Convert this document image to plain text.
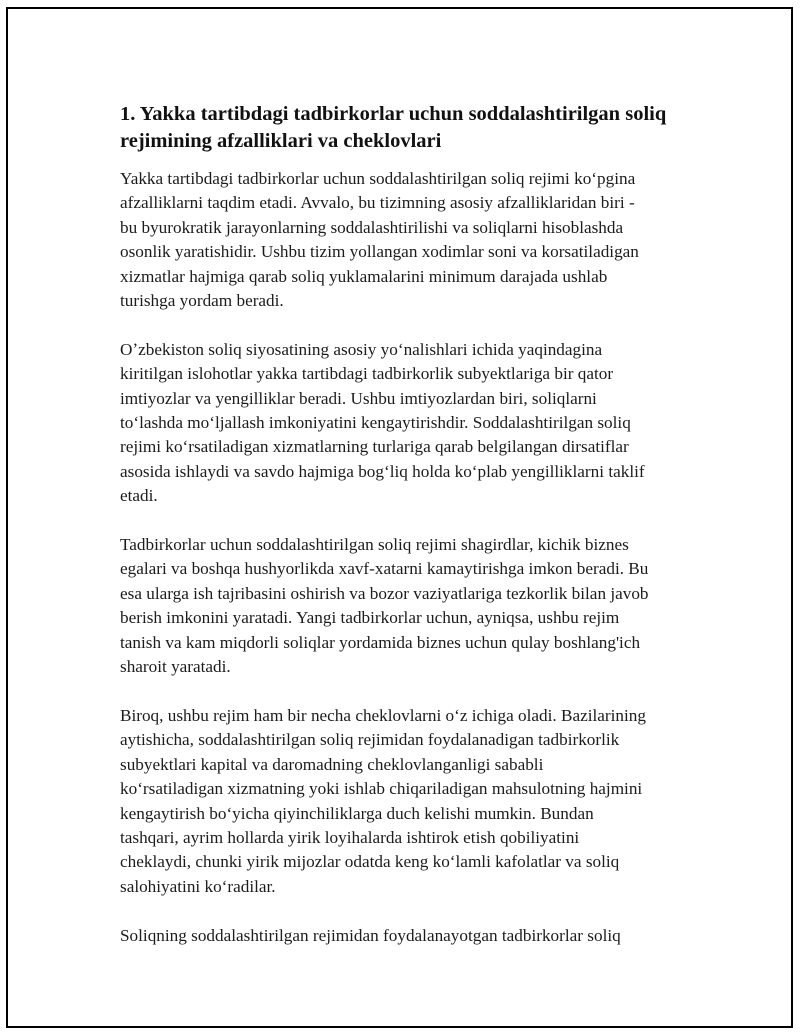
1. Yakka tartibdagi tadbirkorlar uchun soddalashtirilgan soliq
rejimining afzalliklari va cheklovlari

Yakka tartibdagi tadbirkorlar uchun soddalashtirilgan soliq rejimi koʻpgina
afzalliklarni taqdim etadi. Avvalo, bu tizimning asosiy afzalliklaridan biri -
bu byurokratik jarayonlarning soddalashtirilishi va soliqlarni hisoblashda
osonlik yaratishidir. Ushbu tizim yollangan xodimlar soni va korsatiladigan
xizmatlar hajmiga qarab soliq yuklamalarini minimum darajada ushlab
turishga yordam beradi.

Oʼzbekiston soliq siyosatining asosiy yoʻnalishlari ichida yaqindagina
kiritilgan islohotlar yakka tartibdagi tadbirkorlik subyektlariga bir qator
imtiyozlar va yengilliklar beradi. Ushbu imtiyozlardan biri, soliqlarni
toʻlashda moʻljallash imkoniyatini kengaytirishdir. Soddalashtirilgan soliq
rejimi koʻrsatiladigan xizmatlarning turlariga qarab belgilangan dirsatiflar
asosida ishlaydi va savdo hajmiga bogʻliq holda koʻplab yengilliklarni taklif
etadi.

Tadbirkorlar uchun soddalashtirilgan soliq rejimi shagirdlar, kichik biznes
egalari va boshqa hushyorlikda xavf-xatarni kamaytirishga imkon beradi. Bu
esa ularga ish tajribasini oshirish va bozor vaziyatlariga tezkorlik bilan javob
berish imkonini yaratadi. Yangi tadbirkorlar uchun, ayniqsa, ushbu rejim
tanish va kam miqdorli soliqlar yordamida biznes uchun qulay boshlang'ich
sharoit yaratadi.

Biroq, ushbu rejim ham bir necha cheklovlarni oʻz ichiga oladi. Bazilarining
aytishicha, soddalashtirilgan soliq rejimidan foydalanadigan tadbirkorlik
subyektlari kapital va daromadning cheklovlanganligi sababli
koʻrsatiladigan xizmatning yoki ishlab chiqariladigan mahsulotning hajmini
kengaytirish boʻyicha qiyinchiliklarga duch kelishi mumkin. Bundan
tashqari, ayrim hollarda yirik loyihalarda ishtirok etish qobiliyatini
cheklaydi, chunki yirik mijozlar odatda keng koʻlamli kafolatlar va soliq
salohiyatini koʻradilar.

Soliqning soddalashtirilgan rejimidan foydalanayotgan tadbirkorlar soliq
